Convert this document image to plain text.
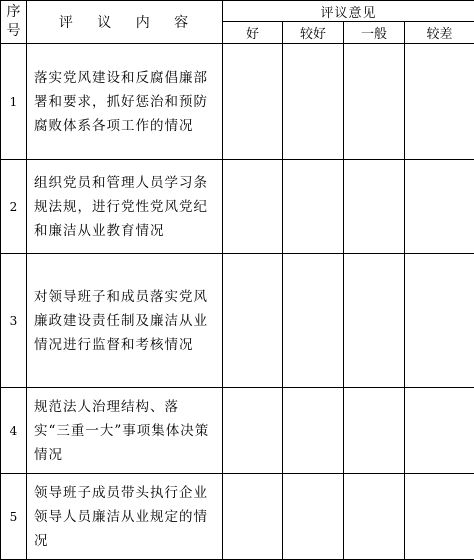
序号	评 议 内 容	评议意见			
		好	较好	一般	较差
1	落实党风建设和反腐倡廉部署和要求，抓好惩治和预防腐败体系各项工作的情况				
2	组织党员和管理人员学习条规法规，进行党性党风党纪和廉洁从业教育情况				
3	对领导班子和成员落实党风廉政建设责任制及廉洁从业情况进行监督和考核情况				
4	规范法人治理结构、落实“三重一大”事项集体决策情况				
5	领导班子成员带头执行企业领导人员廉洁从业规定的情况				
